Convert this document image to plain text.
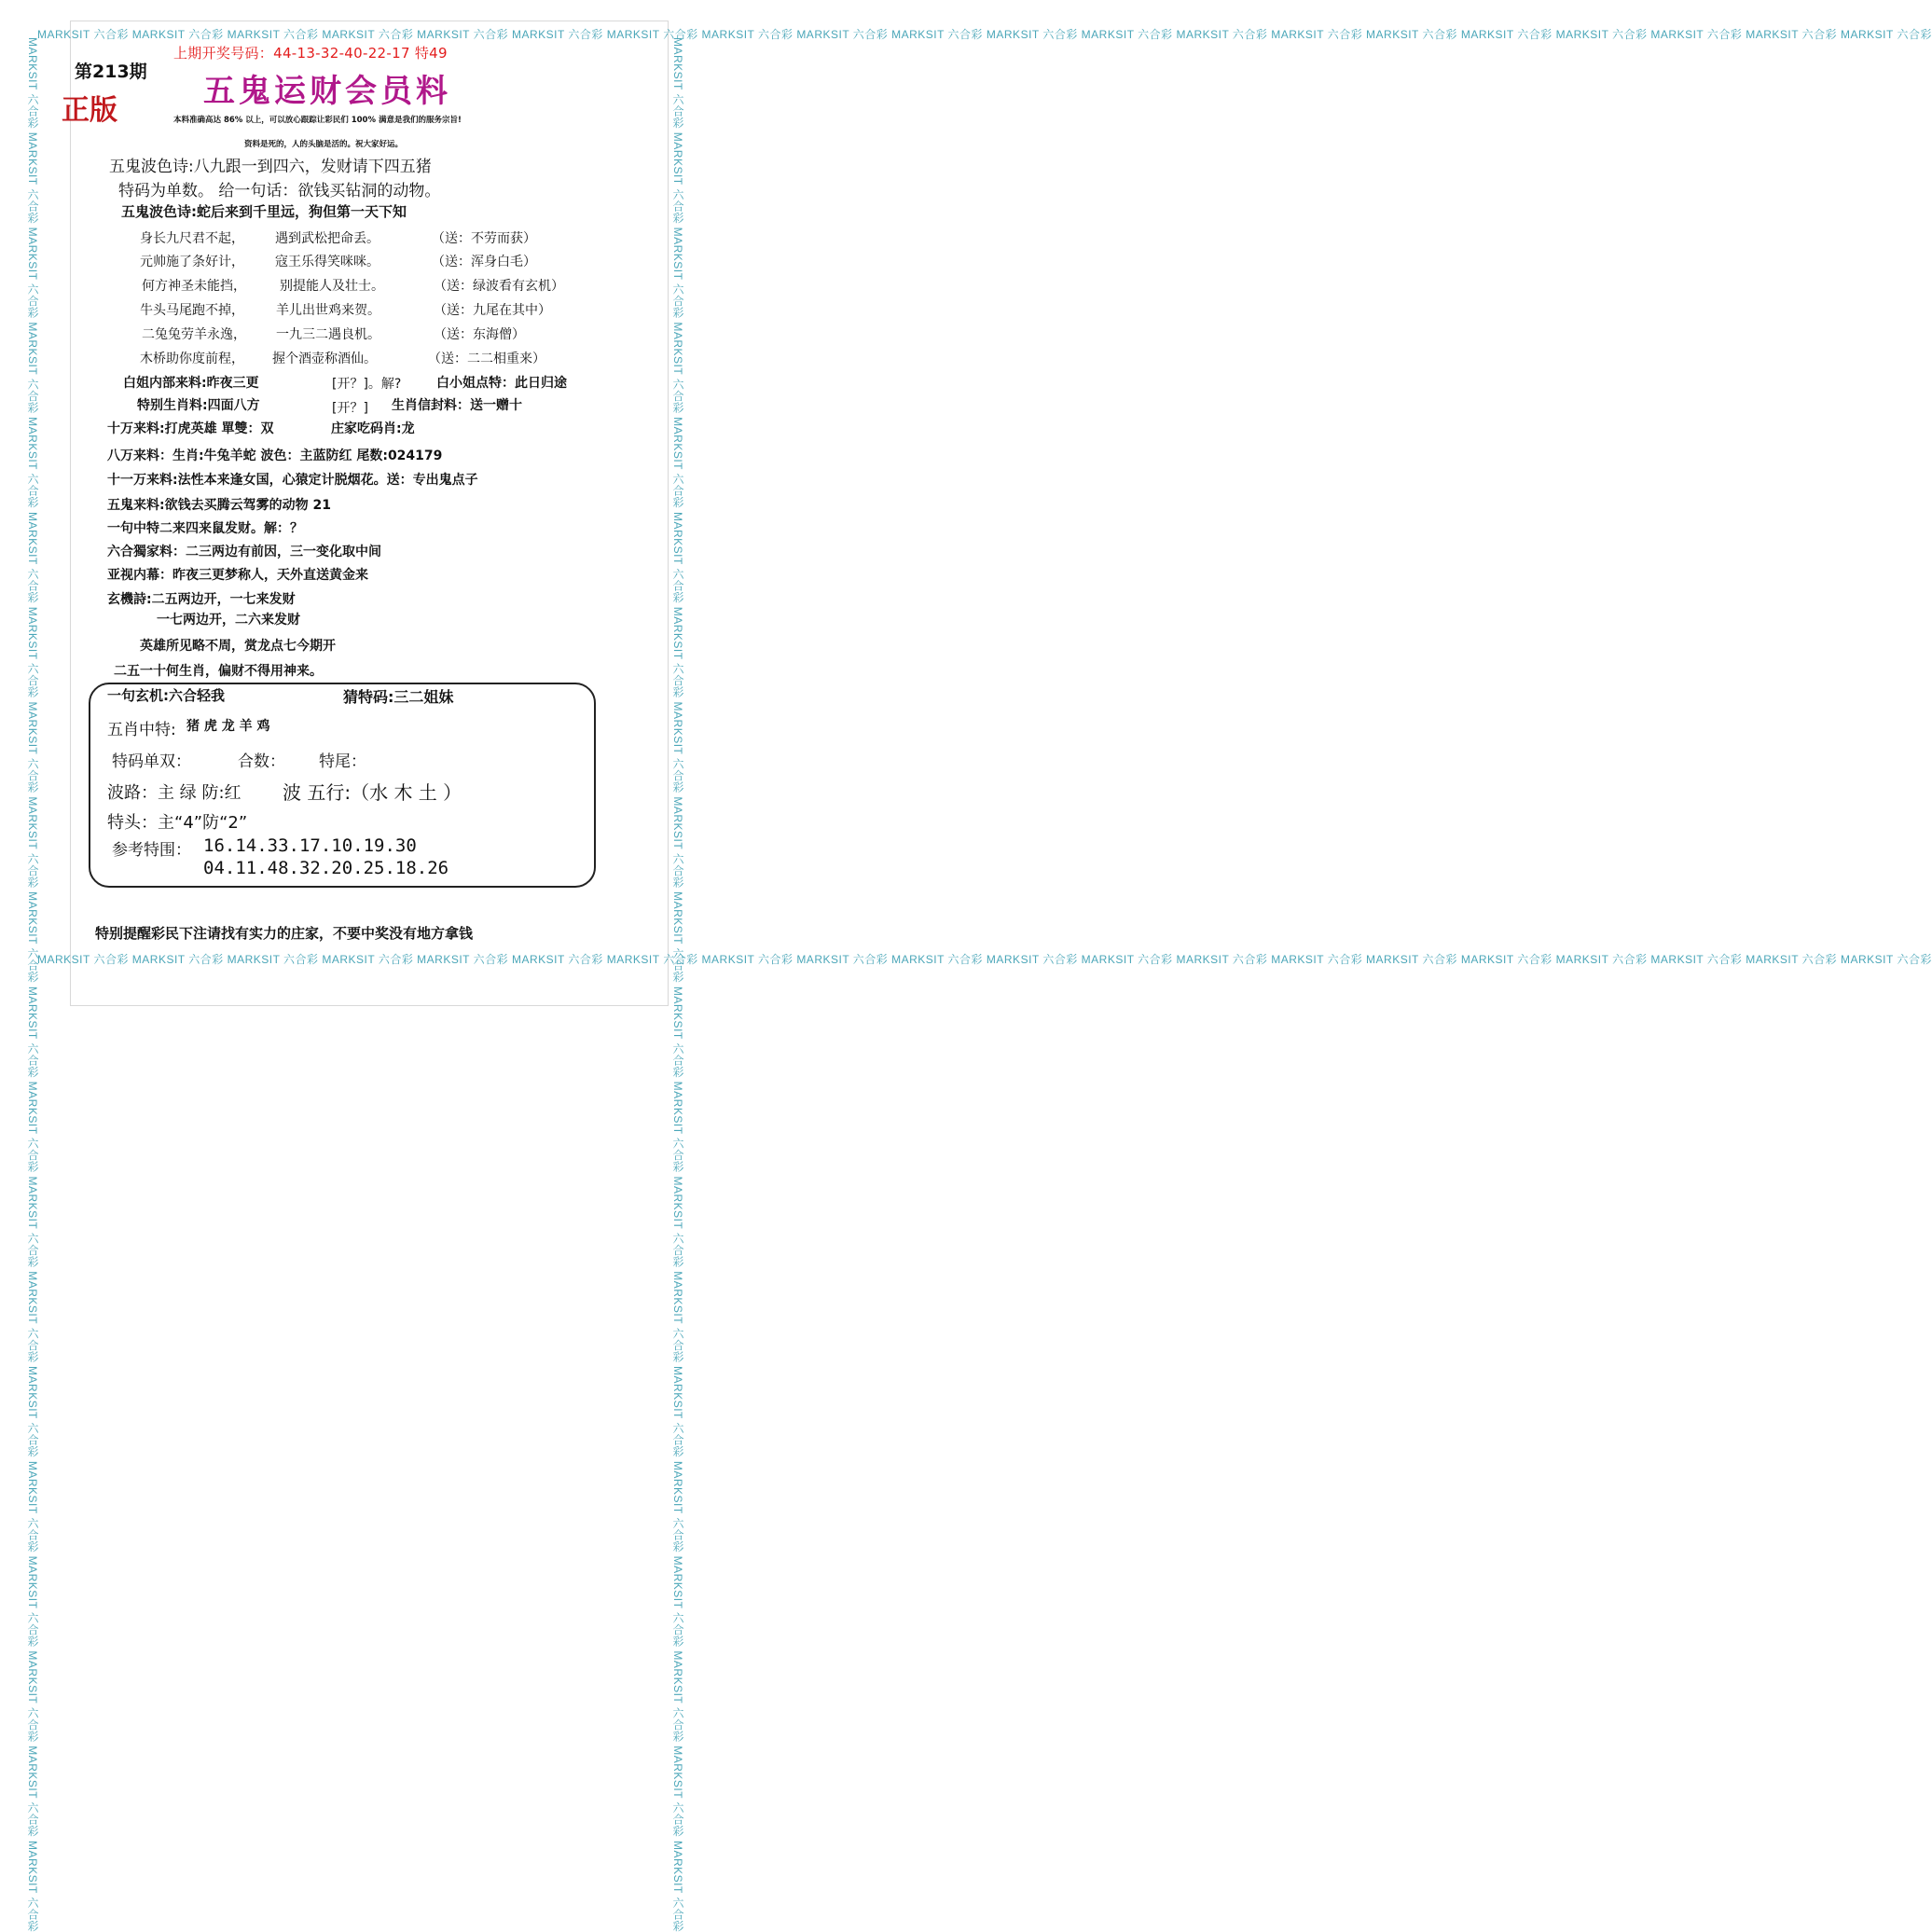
MARKSIT 六合彩 MARKSIT 六合彩 MARKSIT 六合彩 MARKSIT 六合彩 MARKSIT 六合彩 MARKSIT 六合彩 MARKSIT 六合彩 MARKSIT 六合彩 MARKSIT 六合彩 MARKSIT 六合彩 MARKSIT 六合彩 MARKSIT 六合彩 MARKSIT 六合彩 MARKSIT 六合彩 MARKSIT 六合彩 MARKSIT 六合彩 MARKSIT 六合彩 MARKSIT 六合彩 MARKSIT 六合彩 MARKSIT 六合彩
MARKSIT 六合彩 MARKSIT 六合彩 MARKSIT 六合彩 MARKSIT 六合彩 MARKSIT 六合彩 MARKSIT 六合彩 MARKSIT 六合彩 MARKSIT 六合彩 MARKSIT 六合彩 MARKSIT 六合彩 MARKSIT 六合彩 MARKSIT 六合彩 MARKSIT 六合彩 MARKSIT 六合彩 MARKSIT 六合彩 MARKSIT 六合彩 MARKSIT 六合彩 MARKSIT 六合彩 MARKSIT 六合彩 MARKSIT 六合彩
MARKSIT 六合彩 MARKSIT 六合彩 MARKSIT 六合彩 MARKSIT 六合彩 MARKSIT 六合彩 MARKSIT 六合彩 MARKSIT 六合彩 MARKSIT 六合彩 MARKSIT 六合彩 MARKSIT 六合彩 MARKSIT 六合彩 MARKSIT 六合彩 MARKSIT 六合彩 MARKSIT 六合彩 MARKSIT 六合彩 MARKSIT 六合彩 MARKSIT 六合彩 MARKSIT 六合彩 MARKSIT 六合彩 MARKSIT 六合彩	MARKSIT 六合彩 MARKSIT 六合彩 MARKSIT 六合彩 MARKSIT 六合彩 MARKSIT 六合彩 MARKSIT 六合彩 MARKSIT 六合彩 MARKSIT 六合彩 MARKSIT 六合彩 MARKSIT 六合彩 MARKSIT 六合彩 MARKSIT 六合彩 MARKSIT 六合彩 MARKSIT 六合彩 MARKSIT 六合彩 MARKSIT 六合彩 MARKSIT 六合彩 MARKSIT 六合彩 MARKSIT 六合彩 MARKSIT 六合彩
第213期
正版
上期开奖号码：44-13-32-40-22-17 特49
五鬼运财会员料
本料准确高达 86% 以上，可以放心跟踪让彩民们 100% 满意是我们的服务宗旨!
资料是死的，人的头脑是活的。祝大家好运。
五鬼波色诗:八九跟一到四六，发财请下四五猪
特码为单数。 给一句话：欲钱买钻洞的动物。
五鬼波色诗:蛇后来到千里远，狗但第一天下知
身长九尺君不起， 遇到武松把命丢。	（送：不劳而获）
元帅施了条好计， 寇王乐得笑咪咪。	（送：浑身白毛）
何方神圣未能挡，	别提能人及壮士。	（送：绿波看有玄机）
牛头马尾跑不掉， 羊儿出世鸡来贺。	（送：九尾在其中）
二兔兔劳羊永逸， 一九三二遇良机。	（送：东海僧）
木桥助你度前程， 握个酒壶称酒仙。	（送：二二相重来）
白姐内部来料:昨夜三更	[开？]。解?	白小姐点特：此日归途
特别生肖料:四面八方	[开？] 生肖信封料：送一赠十
十万来料:打虎英雄 單雙：双	庄家吃码肖:龙
八万来料：生肖:牛兔羊蛇 波色：主蓝防红 尾数:024179
十一万来料:法性本来逢女国，心猿定计脱烟花。送：专出鬼点子
五鬼来料:欲钱去买腾云驾雾的动物 21
一句中特二来四来鼠发财。解：？
六合獨家料：二三两边有前因，三一变化取中间
亚视内幕：昨夜三更梦称人，天外直送黄金来
玄機詩:二五两边开，一七来发财
一七两边开，二六来发财
英雄所见略不周，赏龙点七今期开
二五一十何生肖，偏财不得用神来。
一句玄机:六合轻我	猜特码:三二姐妹
五肖中特: 猪 虎 龙 羊 鸡
特码单双：	合数： 特尾：
波路：主 绿 防:红 波 五行:（水 木 土 ）
特头：主“4”防“2”
参考特围： 16.14.33.17.10.19.30
04.11.48.32.20.25.18.26
特别提醒彩民下注请找有实力的庄家，不要中奖没有地方拿钱
